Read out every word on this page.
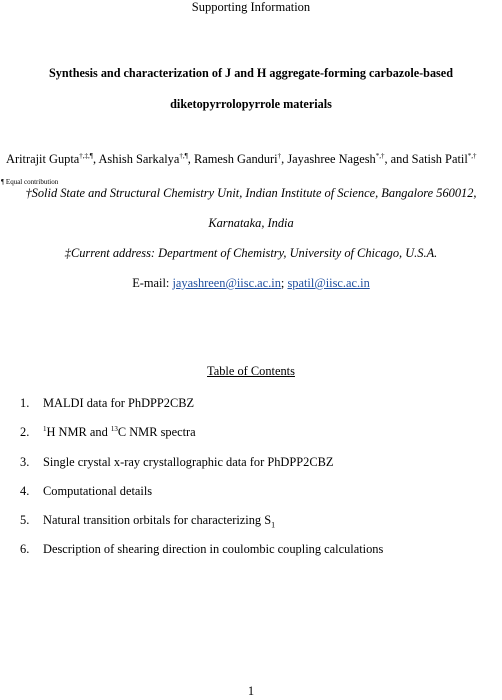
Supporting Information
Synthesis and characterization of J and H aggregate-forming carbazole-based
diketopyrrolopyrrole materials
Aritrajit Gupta†,‡,¶, Ashish Sarkalya†,¶, Ramesh Ganduri†, Jayashree Nagesh*,†, and Satish Patil*,†
¶ Equal contribution
†Solid State and Structural Chemistry Unit, Indian Institute of Science, Bangalore 560012,
Karnataka, India
‡Current address: Department of Chemistry, University of Chicago, U.S.A.
E-mail: jayashreen@iisc.ac.in; spatil@iisc.ac.in
Table of Contents
1. MALDI data for PhDPP2CBZ
2. $^1$H NMR and $^{13}$C NMR spectra
3. Single crystal x-ray crystallographic data for PhDPP2CBZ
4. Computational details
5. Natural transition orbitals for characterizing $S_1$
6. Description of shearing direction in coulombic coupling calculations
1
